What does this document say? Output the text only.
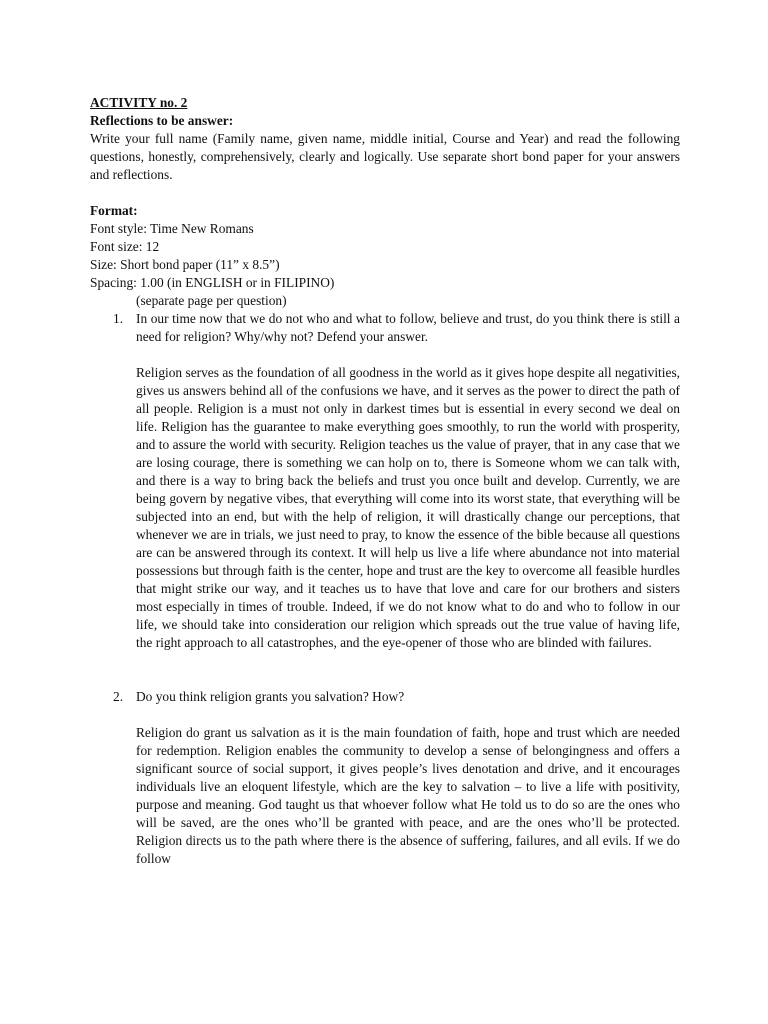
ACTIVITY no. 2

Reflections to be answer:

Write your full name (Family name, given name, middle initial, Course and Year) and read the following questions, honestly, comprehensively, clearly and logically. Use separate short bond paper for your answers and reflections.

Format:

Font style: Time New Romans

Font size: 12

Size: Short bond paper (11” x 8.5”)

Spacing: 1.00 (in ENGLISH or in FILIPINO)

(separate page per question)

1. In our time now that we do not who and what to follow, believe and trust, do you think there is still a need for religion? Why/why not? Defend your answer.

Religion serves as the foundation of all goodness in the world as it gives hope despite all negativities, gives us answers behind all of the confusions we have, and it serves as the power to direct the path of all people. Religion is a must not only in darkest times but is essential in every second we deal on life. Religion has the guarantee to make everything goes smoothly, to run the world with prosperity, and to assure the world with security. Religion teaches us the value of prayer, that in any case that we are losing courage, there is something we can holp on to, there is Someone whom we can talk with, and there is a way to bring back the beliefs and trust you once built and develop. Currently, we are being govern by negative vibes, that everything will come into its worst state, that everything will be subjected into an end, but with the help of religion, it will drastically change our perceptions, that whenever we are in trials, we just need to pray, to know the essence of the bible because all questions are can be answered through its context. It will help us live a life where abundance not into material possessions but through faith is the center, hope and trust are the key to overcome all feasible hurdles that might strike our way, and it teaches us to have that love and care for our brothers and sisters most especially in times of trouble. Indeed, if we do not know what to do and who to follow in our life, we should take into consideration our religion which spreads out the true value of having life, the right approach to all catastrophes, and the eye-opener of those who are blinded with failures.

2. Do you think religion grants you salvation? How?

Religion do grant us salvation as it is the main foundation of faith, hope and trust which are needed for redemption. Religion enables the community to develop a sense of belongingness and offers a significant source of social support, it gives people’s lives denotation and drive, and it encourages individuals live an eloquent lifestyle, which are the key to salvation – to live a life with positivity, purpose and meaning. God taught us that whoever follow what He told us to do so are the ones who will be saved, are the ones who’ll be granted with peace, and are the ones who’ll be protected. Religion directs us to the path where there is the absence of suffering, failures, and all evils. If we do follow
